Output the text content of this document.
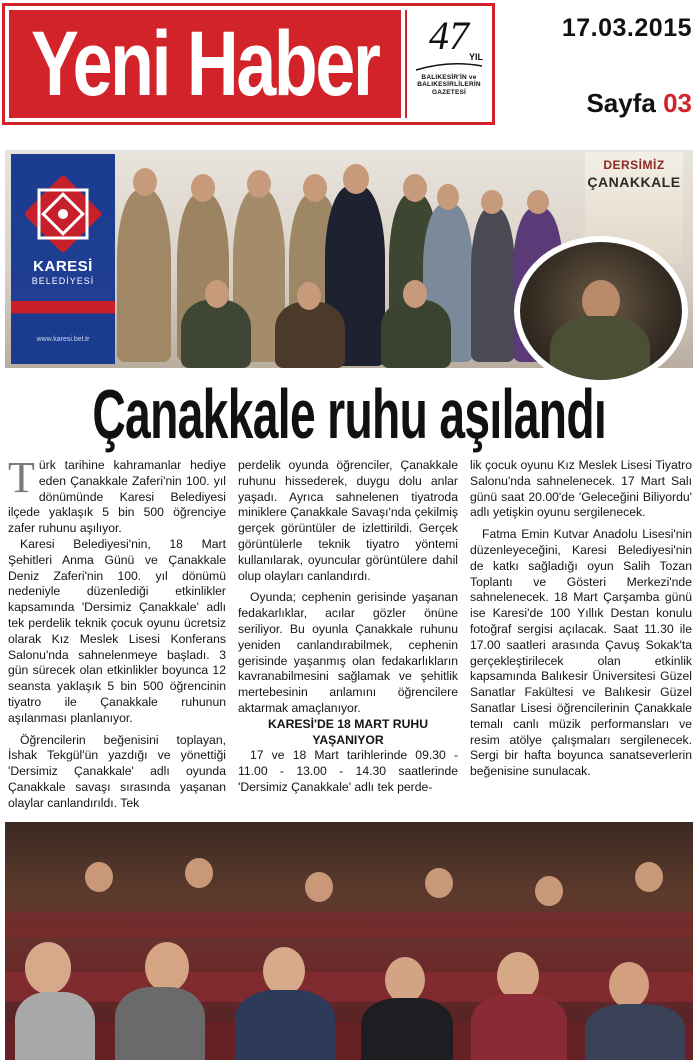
Yeni Haber 47 YIL
BALIKESİR'İN ve
BALIKESİRLİLERİN
GAZETESİ
17.03.2015
Sayfa 03
KARESİ
BELEDİYESİ
www.karesi.bel.tr
DERSİMİZ
ÇANAKKALE
Çanakkale ruhu aşılandı

Türk tarihine kahramanlar hediye eden Çanakkale Zaferi'nin 100. yıl dönümünde Karesi Belediyesi ilçede yaklaşık 5 bin 500 öğrenciye zafer ruhunu aşılıyor.

Karesi Belediyesi'nin, 18 Mart Şehitleri Anma Günü ve Çanakkale Deniz Zaferi'nin 100. yıl dönümü nedeniyle düzenlediği etkinlikler kapsamında 'Dersimiz Çanakkale' adlı tek perdelik teknik çocuk oyunu ücretsiz olarak Kız Meslek Lisesi Konferans Salonu'nda sahnelenmeye başladı. 3 gün sürecek olan etkinlikler boyunca 12 seansta yaklaşık 5 bin 500 öğrencinin tiyatro ile Çanakkale ruhunun aşılanması planlanıyor.

Öğrencilerin beğenisini toplayan, İshak Tekgül'ün yazdığı ve yönettiği 'Dersimiz Çanakkale' adlı oyunda Çanakkale savaşı sırasında yaşanan olaylar canlandırıldı. Tek

perdelik oyunda öğrenciler, Çanakkale ruhunu hissederek, duygu dolu anlar yaşadı. Ayrıca sahnelenen tiyatroda miniklere Çanakkale Savaşı'nda çekilmiş gerçek görüntüler de izlettirildi. Gerçek görüntülerle teknik tiyatro yöntemi kullanılarak, oyuncular görüntülere dahil olup olayları canlandırdı.

Oyunda; cephenin gerisinde yaşanan fedakarlıklar, acılar gözler önüne seriliyor. Bu oyunla Çanakkale ruhunu yeniden canlandırabilmek, cephenin gerisinde yaşanmış olan fedakarlıkların kavranabilmesini sağlamak ve şehitlik mertebesinin anlamını öğrencilere aktarmak amaçlanıyor.

KARESİ'DE 18 MART RUHU YAŞANIYOR

17 ve 18 Mart tarihlerinde 09.30 - 11.00 - 13.00 - 14.30 saatlerinde 'Dersimiz Çanakkale' adlı tek perde-

lik çocuk oyunu Kız Meslek Lisesi Tiyatro Salonu'nda sahnelenecek. 17 Mart Salı günü saat 20.00'de 'Geleceğini Biliyordu' adlı yetişkin oyunu sergilenecek.

Fatma Emin Kutvar Anadolu Lisesi'nin düzenleyeceğini, Karesi Belediyesi'nin de katkı sağladığı oyun Salih Tozan Toplantı ve Gösteri Merkezi'nde sahnelenecek. 18 Mart Çarşamba günü ise Karesi'de 100 Yıllık Destan konulu fotoğraf sergisi açılacak. Saat 11.30 ile 17.00 saatleri arasında Çavuş Sokak'ta gerçekleştirilecek olan etkinlik kapsamında Balıkesir Üniversitesi Güzel Sanatlar Fakültesi ve Balıkesir Güzel Sanatlar Lisesi öğrencilerinin Çanakkale temalı canlı müzik performansları ve resim atölye çalışmaları sergilenecek. Sergi bir hafta boyunca sanatseverlerin beğenisine sunulacak.
